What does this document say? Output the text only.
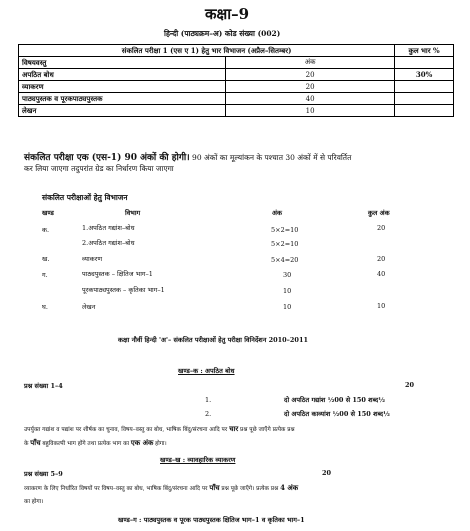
कक्षा–9
हिन्दी (पाठ्यक्रम–अ) कोड संख्या (002)
संकलित परीक्षा 1 (एस ए 1) हेतु भार विभाजन (अप्रैल–सितम्बर)		कुल भार %
विषयवस्तु	अंक	
अपठित बोध	20	30%
व्याकरण	20	
पाठ्यपुस्तक व पूरकपाठ्यपुस्तक	40	
लेखन	10	
संकलित परीक्षा एक (एस-1) 90 अंकों की होगी। 90 अंकों का मूल्यांकन के पश्चात 30 अंकों में से परिवर्तित
कर लिया जाएगा तदुपरांत ग्रेड का निर्धारण किया जाएगा
संकलित परीक्षाओं हेतु विभाजन
खण्ड	विभाग	अंक	कुल अंक
क.	1.अपठित गद्यांश–बोध	5×2=10	20
2.अपठित गद्यांश–बोध	5×2=10
ख.	व्याकरण	5×4=20	20
ग.	पाठ्यपुस्तक – क्षितिज भाग–1	30	40
पूरकपाठ्यपुस्तक – कृतिका भाग–1	10
घ.	लेखन	10	10
कक्षा नौवीं हिन्दी 'अ'– संकलित परीक्षाओं हेतु परीक्षा विनिर्देशन 2010–2011
खण्ड–क : अपठित बोध
प्रश्न संख्या 1–4	20
1.	दो अपठित गद्यांश ½00 से 150 शब्द½
2.	दो अपठित काव्यांश ½00 से 150 शब्द½
उपर्युक्त गद्यांश व पद्यांश पर शीर्षक का चुनाव, विषय–वस्तु का बोध, भाषिक बिंदु/संरचना आदि पर चार प्रश्न पूछे जाएँगे प्रत्येक प्रश्न
के पाँच बहुविकल्पी भाग होंगे तथा प्रत्येक भाग का एक अंक होगा।
खण्ड–ख : व्यावहारिक व्याकरण
प्रश्न संख्या 5–9	20
व्याकरण के लिए निर्धारित विषयों पर विषय–वस्तु का बोध, भाषिक बिंदु/संरचना आदि पर पाँच प्रश्न पूछे जाएँगे। प्रत्येक प्रश्न 4 अंक
का होगा।
खण्ड–ग : पाठ्यपुस्तक व पूरक पाठ्यपुस्तक क्षितिज भाग–1 व कृतिका भाग–1
